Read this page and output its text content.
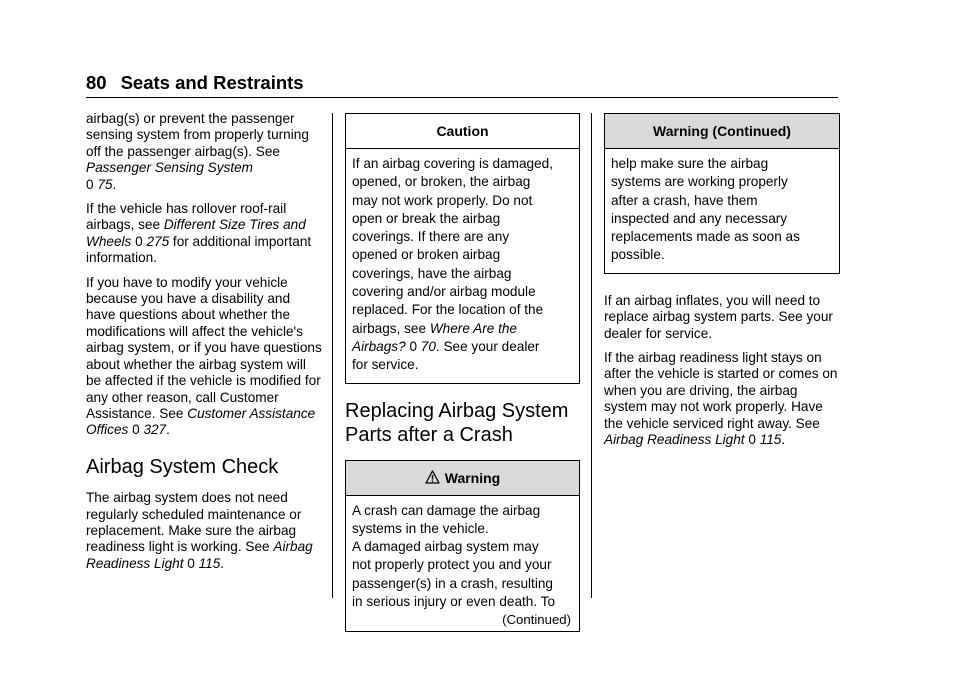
80 Seats and Restraints

airbag(s) or prevent the passenger sensing system from properly turning off the passenger airbag(s). See Passenger Sensing System
0 75.

If the vehicle has rollover roof-rail airbags, see Different Size Tires and Wheels 0 275 for additional important information.

If you have to modify your vehicle because you have a disability and have questions about whether the modifications will affect the vehicle's airbag system, or if you have questions about whether the airbag system will be affected if the vehicle is modified for any other reason, call Customer Assistance. See Customer Assistance Offices 0 327.

Airbag System Check

The airbag system does not need regularly scheduled maintenance or replacement. Make sure the airbag readiness light is working. See Airbag Readiness Light 0 115.

Caution

If an airbag covering is damaged,
opened, or broken, the airbag
may not work properly. Do not
open or break the airbag
coverings. If there are any
opened or broken airbag
coverings, have the airbag
covering and/or airbag module
replaced. For the location of the
airbags, see Where Are the Airbags? 0 70. See your dealer
for service.

Replacing Airbag System
Parts after a Crash
Warning

A crash can damage the airbag
systems in the vehicle.
A damaged airbag system may
not properly protect you and your
passenger(s) in a crash, resulting
in serious injury or even death. To

(Continued)
Warning (Continued)

help make sure the airbag
systems are working properly
after a crash, have them
inspected and any necessary
replacements made as soon as
possible.

If an airbag inflates, you will need to replace airbag system parts. See your dealer for service.

If the airbag readiness light stays on after the vehicle is started or comes on when you are driving, the airbag system may not work properly. Have the vehicle serviced right away. See Airbag Readiness Light 0 115.
